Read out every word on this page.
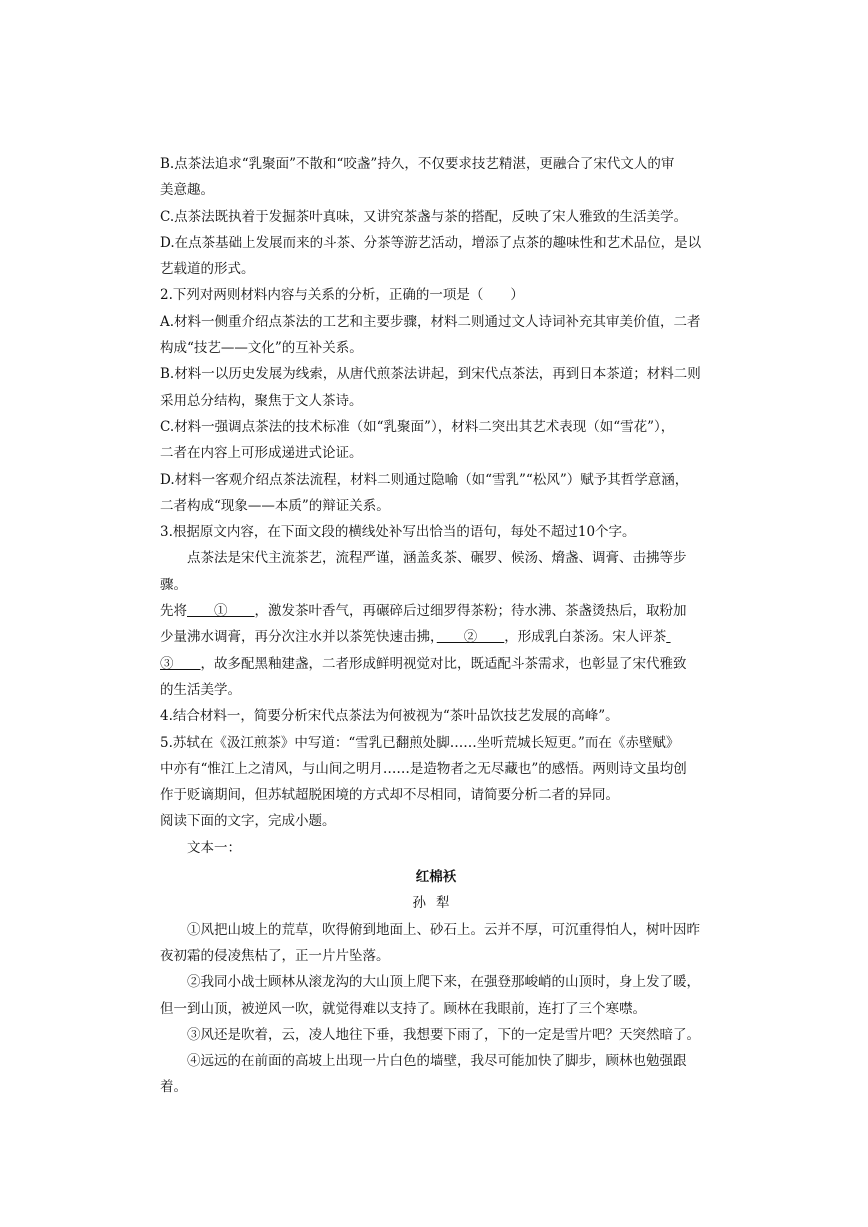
B.点茶法追求“乳聚面”不散和“咬盏”持久，不仅要求技艺精湛，更融合了宋代文人的审
美意趣。

C.点茶法既执着于发掘茶叶真味，又讲究茶盏与茶的搭配，反映了宋人雅致的生活美学。

D.在点茶基础上发展而来的斗茶、分茶等游艺活动，增添了点茶的趣味性和艺术品位，是以
艺载道的形式。

2.下列对两则材料内容与关系的分析，正确的一项是（　　）

A.材料一侧重介绍点茶法的工艺和主要步骤，材料二则通过文人诗词补充其审美价值，二者
构成“技艺——文化”的互补关系。

B.材料一以历史发展为线索，从唐代煎茶法讲起，到宋代点茶法，再到日本茶道；材料二则
采用总分结构，聚焦于文人茶诗。

C.材料一强调点茶法的技术标准（如“乳聚面”），材料二突出其艺术表现（如“雪花”），
二者在内容上可形成递进式论证。

D.材料一客观介绍点茶法流程，材料二则通过隐喻（如“雪乳”“松风”）赋予其哲学意涵，
二者构成“现象——本质”的辩证关系。

3.根据原文内容，在下面文段的横线处补写出恰当的语句，每处不超过10个字。

点茶法是宋代主流茶艺，流程严谨，涵盖炙茶、碾罗、候汤、熁盏、调膏、击拂等步骤。
先将　　①　　，激发茶叶香气，再碾碎后过细罗得茶粉；待水沸、茶盏烫热后，取粉加
少量沸水调膏，再分次注水并以茶筅快速击拂，　　②　　，形成乳白茶汤。宋人评茶
③　　，故多配黑釉建盏，二者形成鲜明视觉对比，既适配斗茶需求，也彰显了宋代雅致
的生活美学。

4.结合材料一，简要分析宋代点茶法为何被视为“茶叶品饮技艺发展的高峰”。

5.苏轼在《汲江煎茶》中写道：“雪乳已翻煎处脚……坐听荒城长短更。”而在《赤壁赋》
中亦有“惟江上之清风，与山间之明月……是造物者之无尽藏也”的感悟。两则诗文虽均创
作于贬谪期间，但苏轼超脱困境的方式却不尽相同，请简要分析二者的异同。

阅读下面的文字，完成小题。

文本一：

红棉袄

孙犁

①风把山坡上的荒草，吹得俯到地面上、砂石上。云并不厚，可沉重得怕人，树叶因昨
夜初霜的侵凌焦枯了，正一片片坠落。

②我同小战士顾林从滚龙沟的大山顶上爬下来，在强登那峻峭的山顶时，身上发了暖，
但一到山顶，被逆风一吹，就觉得难以支持了。顾林在我眼前，连打了三个寒噤。

③风还是吹着，云，凌人地往下垂，我想要下雨了，下的一定是雪片吧？天突然暗了。

④远远的在前面的高坡上出现一片白色的墙壁，我尽可能加快了脚步，顾林也勉强跟着。
